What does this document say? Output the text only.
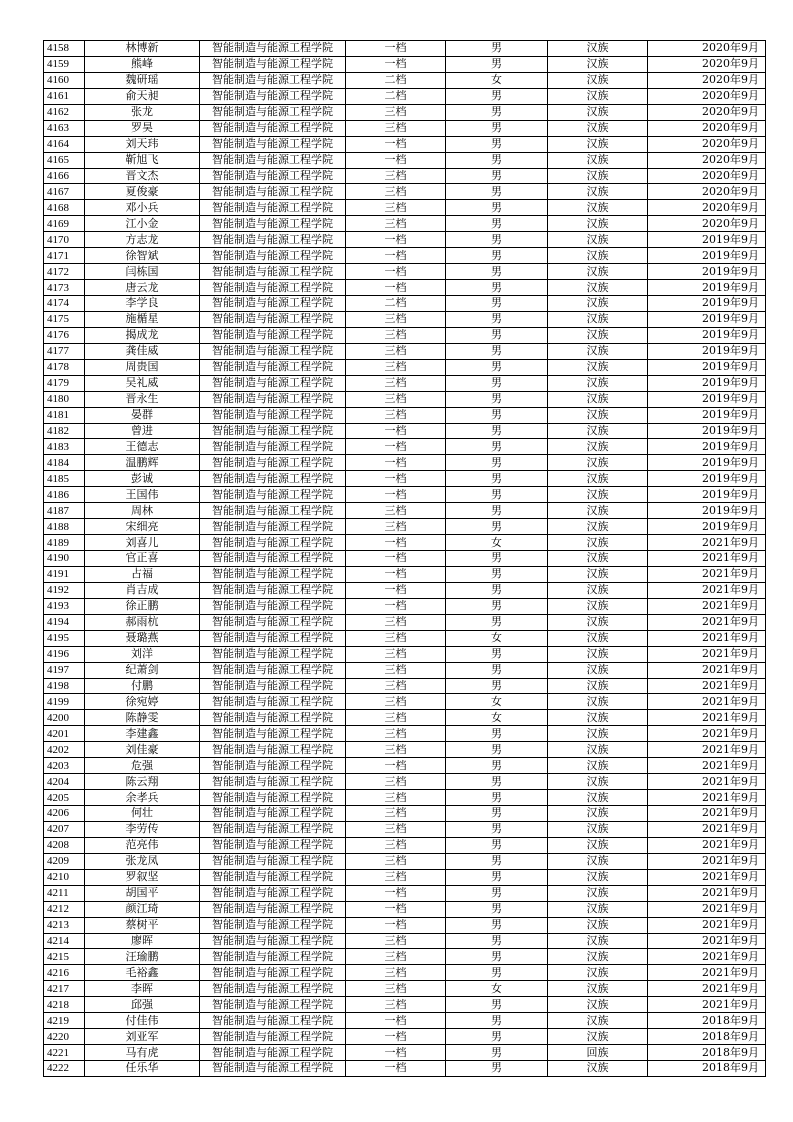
4158	林博新	智能制造与能源工程学院	一档	男	汉族	2020年9月
4159	熊峰	智能制造与能源工程学院	一档	男	汉族	2020年9月
4160	魏研瑶	智能制造与能源工程学院	二档	女	汉族	2020年9月
4161	俞天昶	智能制造与能源工程学院	二档	男	汉族	2020年9月
4162	张龙	智能制造与能源工程学院	三档	男	汉族	2020年9月
4163	罗昊	智能制造与能源工程学院	三档	男	汉族	2020年9月
4164	刘天玮	智能制造与能源工程学院	一档	男	汉族	2020年9月
4165	靳旭飞	智能制造与能源工程学院	一档	男	汉族	2020年9月
4166	晋文杰	智能制造与能源工程学院	三档	男	汉族	2020年9月
4167	夏俊豪	智能制造与能源工程学院	三档	男	汉族	2020年9月
4168	邓小兵	智能制造与能源工程学院	三档	男	汉族	2020年9月
4169	江小金	智能制造与能源工程学院	三档	男	汉族	2020年9月
4170	方志龙	智能制造与能源工程学院	一档	男	汉族	2019年9月
4171	徐智斌	智能制造与能源工程学院	一档	男	汉族	2019年9月
4172	闫栋国	智能制造与能源工程学院	一档	男	汉族	2019年9月
4173	唐云龙	智能制造与能源工程学院	一档	男	汉族	2019年9月
4174	李学良	智能制造与能源工程学院	二档	男	汉族	2019年9月
4175	施楯星	智能制造与能源工程学院	三档	男	汉族	2019年9月
4176	揭成龙	智能制造与能源工程学院	三档	男	汉族	2019年9月
4177	龚佳威	智能制造与能源工程学院	三档	男	汉族	2019年9月
4178	周贵国	智能制造与能源工程学院	三档	男	汉族	2019年9月
4179	吴礼威	智能制造与能源工程学院	三档	男	汉族	2019年9月
4180	晋永生	智能制造与能源工程学院	三档	男	汉族	2019年9月
4181	晏群	智能制造与能源工程学院	三档	男	汉族	2019年9月
4182	曾进	智能制造与能源工程学院	一档	男	汉族	2019年9月
4183	王德志	智能制造与能源工程学院	一档	男	汉族	2019年9月
4184	温鹏辉	智能制造与能源工程学院	一档	男	汉族	2019年9月
4185	彭诚	智能制造与能源工程学院	一档	男	汉族	2019年9月
4186	王国伟	智能制造与能源工程学院	一档	男	汉族	2019年9月
4187	周林	智能制造与能源工程学院	三档	男	汉族	2019年9月
4188	宋细亮	智能制造与能源工程学院	三档	男	汉族	2019年9月
4189	刘喜儿	智能制造与能源工程学院	一档	女	汉族	2021年9月
4190	官正喜	智能制造与能源工程学院	一档	男	汉族	2021年9月
4191	占福	智能制造与能源工程学院	一档	男	汉族	2021年9月
4192	肖吉成	智能制造与能源工程学院	一档	男	汉族	2021年9月
4193	徐正鹏	智能制造与能源工程学院	一档	男	汉族	2021年9月
4194	郝雨杭	智能制造与能源工程学院	三档	男	汉族	2021年9月
4195	聂璐燕	智能制造与能源工程学院	三档	女	汉族	2021年9月
4196	刘洋	智能制造与能源工程学院	三档	男	汉族	2021年9月
4197	纪萧剑	智能制造与能源工程学院	三档	男	汉族	2021年9月
4198	付鹏	智能制造与能源工程学院	三档	男	汉族	2021年9月
4199	徐宛婷	智能制造与能源工程学院	三档	女	汉族	2021年9月
4200	陈静雯	智能制造与能源工程学院	三档	女	汉族	2021年9月
4201	李建鑫	智能制造与能源工程学院	三档	男	汉族	2021年9月
4202	刘佳豪	智能制造与能源工程学院	三档	男	汉族	2021年9月
4203	危强	智能制造与能源工程学院	一档	男	汉族	2021年9月
4204	陈云翔	智能制造与能源工程学院	三档	男	汉族	2021年9月
4205	余孝兵	智能制造与能源工程学院	三档	男	汉族	2021年9月
4206	何壮	智能制造与能源工程学院	三档	男	汉族	2021年9月
4207	李劳传	智能制造与能源工程学院	三档	男	汉族	2021年9月
4208	范亮伟	智能制造与能源工程学院	三档	男	汉族	2021年9月
4209	张龙凤	智能制造与能源工程学院	三档	男	汉族	2021年9月
4210	罗叙坚	智能制造与能源工程学院	三档	男	汉族	2021年9月
4211	胡国平	智能制造与能源工程学院	一档	男	汉族	2021年9月
4212	颜江琦	智能制造与能源工程学院	一档	男	汉族	2021年9月
4213	蔡树平	智能制造与能源工程学院	一档	男	汉族	2021年9月
4214	廖晖	智能制造与能源工程学院	三档	男	汉族	2021年9月
4215	汪瑜鹏	智能制造与能源工程学院	三档	男	汉族	2021年9月
4216	毛裕鑫	智能制造与能源工程学院	三档	男	汉族	2021年9月
4217	李晖	智能制造与能源工程学院	三档	女	汉族	2021年9月
4218	邱强	智能制造与能源工程学院	三档	男	汉族	2021年9月
4219	付佳伟	智能制造与能源工程学院	一档	男	汉族	2018年9月
4220	刘亚军	智能制造与能源工程学院	一档	男	汉族	2018年9月
4221	马有虎	智能制造与能源工程学院	一档	男	回族	2018年9月
4222	任乐华	智能制造与能源工程学院	一档	男	汉族	2018年9月
